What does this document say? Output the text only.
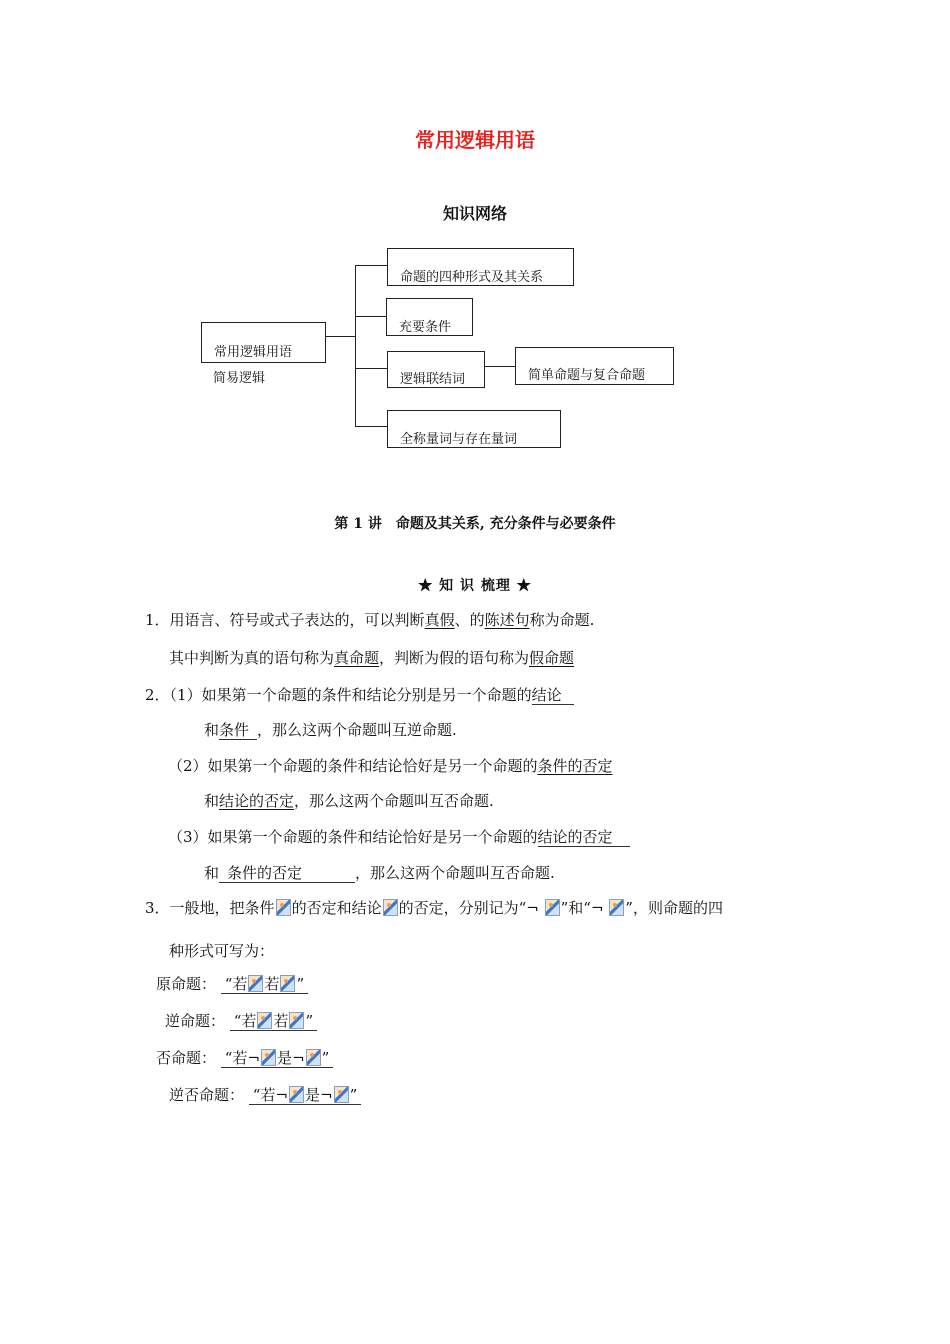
常用逻辑用语
知识网络
常用逻辑用语
简易逻辑
命题的四种形式及其关系
充要条件
逻辑联结词	简单命题与复合命题
全称量词与存在量词
第 1 讲　命题及其关系, 充分条件与必要条件
★ 知 识 梳理 ★
1．用语言、符号或式子表达的，可以判断真假、的陈述句称为命题.
其中判断为真的语句称为真命题，判断为假的语句称为假命题
2．（1）如果第一个命题的条件和结论分别是另一个命题的结论
和条件 ，那么这两个命题叫互逆命题.
（2）如果第一个命题的条件和结论恰好是另一个命题的条件的否定
和结论的否定，那么这两个命题叫互否命题.
（3）如果第一个命题的条件和结论恰好是另一个命题的结论的否定
和 条件的否定	，那么这两个命题叫互否命题.
3．一般地，把条件 的否定和结论 的否定，分别记为“¬ ”和“¬ ”，则命题的四
种形式可写为：
原命题： “若 若 ”
逆命题： “若 若 ”
否命题： “若¬ 是¬ ”
逆否命题： “若¬ 是¬ ”
